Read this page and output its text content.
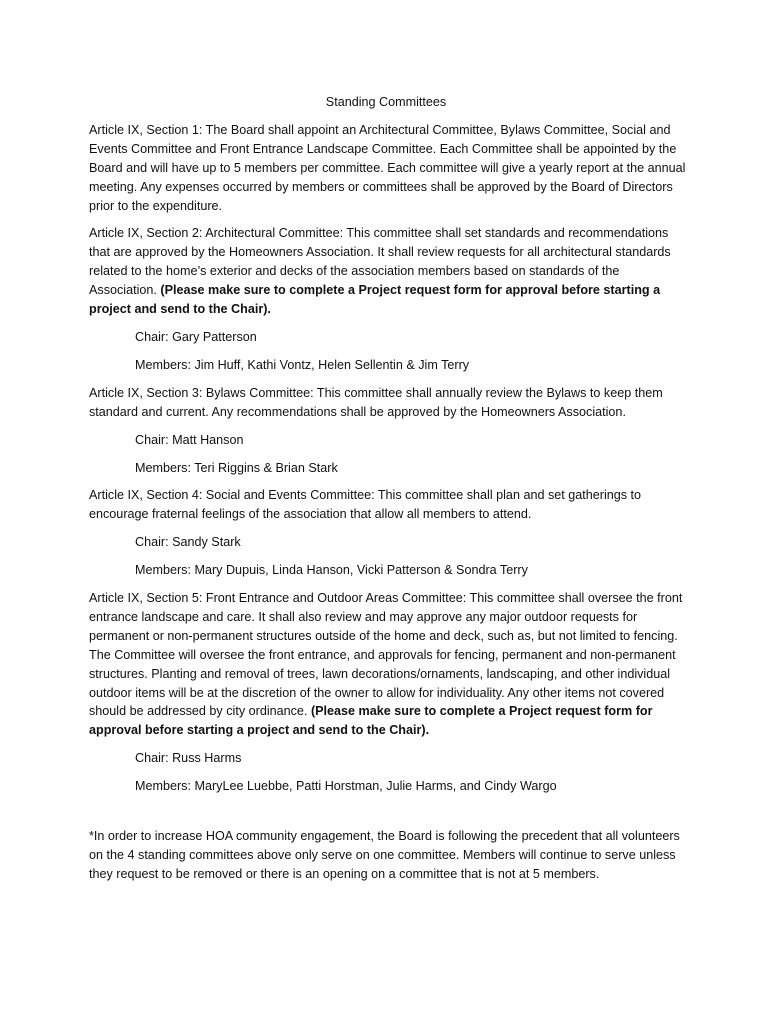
Standing Committees
Article IX, Section 1: The Board shall appoint an Architectural Committee, Bylaws Committee, Social and Events Committee and Front Entrance Landscape Committee. Each Committee shall be appointed by the Board and will have up to 5 members per committee. Each committee will give a yearly report at the annual meeting. Any expenses occurred by members or committees shall be approved by the Board of Directors prior to the expenditure.
Article IX, Section 2: Architectural Committee: This committee shall set standards and recommendations that are approved by the Homeowners Association. It shall review requests for all architectural standards related to the home’s exterior and decks of the association members based on standards of the Association. (Please make sure to complete a Project request form for approval before starting a project and send to the Chair).
Chair: Gary Patterson
Members: Jim Huff, Kathi Vontz, Helen Sellentin & Jim Terry
Article IX, Section 3: Bylaws Committee: This committee shall annually review the Bylaws to keep them standard and current. Any recommendations shall be approved by the Homeowners Association.
Chair: Matt Hanson
Members: Teri Riggins & Brian Stark
Article IX, Section 4: Social and Events Committee: This committee shall plan and set gatherings to encourage fraternal feelings of the association that allow all members to attend.
Chair: Sandy Stark
Members: Mary Dupuis, Linda Hanson, Vicki Patterson & Sondra Terry
Article IX, Section 5: Front Entrance and Outdoor Areas Committee: This committee shall oversee the front entrance landscape and care. It shall also review and may approve any major outdoor requests for permanent or non-permanent structures outside of the home and deck, such as, but not limited to fencing. The Committee will oversee the front entrance, and approvals for fencing, permanent and non-permanent structures. Planting and removal of trees, lawn decorations/ornaments, landscaping, and other individual outdoor items will be at the discretion of the owner to allow for individuality. Any other items not covered should be addressed by city ordinance. (Please make sure to complete a Project request form for approval before starting a project and send to the Chair).
Chair: Russ Harms
Members: MaryLee Luebbe, Patti Horstman, Julie Harms, and Cindy Wargo
*In order to increase HOA community engagement, the Board is following the precedent that all volunteers on the 4 standing committees above only serve on one committee. Members will continue to serve unless they request to be removed or there is an opening on a committee that is not at 5 members.
